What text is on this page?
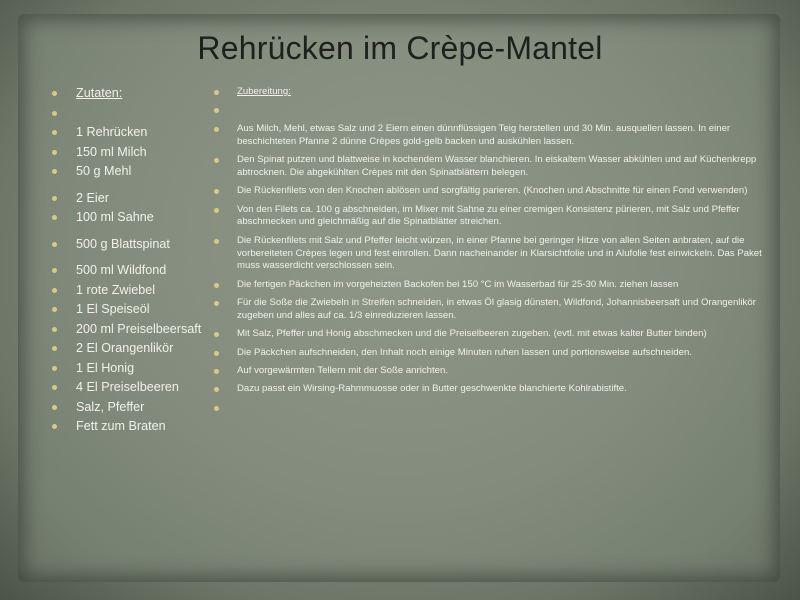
Rehrücken im Crèpe-Mantel
Zutaten:

1 Rehrücken
150 ml Milch
50 g Mehl
2 Eier
100 ml Sahne
500 g Blattspinat
500 ml Wildfond
1 rote Zwiebel
1 El Speiseöl
200 ml Preiselbeersaft
2 El Orangenlikör
1 El Honig
4 El Preiselbeeren
Salz, Pfeffer
Fett zum Braten
Zubereitung:

Aus Milch, Mehl, etwas Salz und 2 Eiern einen dünnflüssigen Teig herstellen und 30 Min. ausquellen lassen. In einer beschichteten Pfanne 2 dünne Crèpes gold-gelb backen und auskühlen lassen.
Den Spinat putzen und blattweise in kochendem Wasser blanchieren. In eiskaltem Wasser abkühlen und auf Küchenkrepp abtrocknen. Die abgekühlten Crèpes mit den Spinatblättern belegen.
Die Rückenfilets von den Knochen ablösen und sorgfältig parieren. (Knochen und Abschnitte für einen Fond verwenden)
Von den Filets ca. 100 g abschneiden, im Mixer mit Sahne zu einer cremigen Konsistenz pürieren, mit Salz und Pfeffer abschmecken und gleichmäßig auf die Spinatblätter streichen.
Die Rückenfilets mit Salz und Pfeffer leicht würzen, in einer Pfanne bei geringer Hitze von allen Seiten anbraten, auf die vorbereiteten Crèpes legen und fest einrollen. Dann nacheinander in Klarsichtfolie und in Alufolie fest einwickeln. Das Paket muss wasserdicht verschlossen sein.
Die fertigen Päckchen im vorgeheizten Backofen bei 150 °C im Wasserbad für 25-30 Min. ziehen lassen
Für die Soße die Zwiebeln in Streifen schneiden, in etwas Öl glasig dünsten, Wildfond, Johannisbeersaft und Orangenlikör zugeben und alles auf ca. 1/3 einreduzieren lassen.
Mit Salz, Pfeffer und Honig abschmecken und die Preiselbeeren zugeben. (evtl. mit etwas kalter Butter binden)
Die Päckchen aufschneiden, den Inhalt noch einige Minuten ruhen lassen und portionsweise aufschneiden.
Auf vorgewärmten Tellern mit der Soße anrichten.
Dazu passt ein Wirsing-Rahmmuosse oder in Butter geschwenkte blanchierte Kohlrabistifte.
